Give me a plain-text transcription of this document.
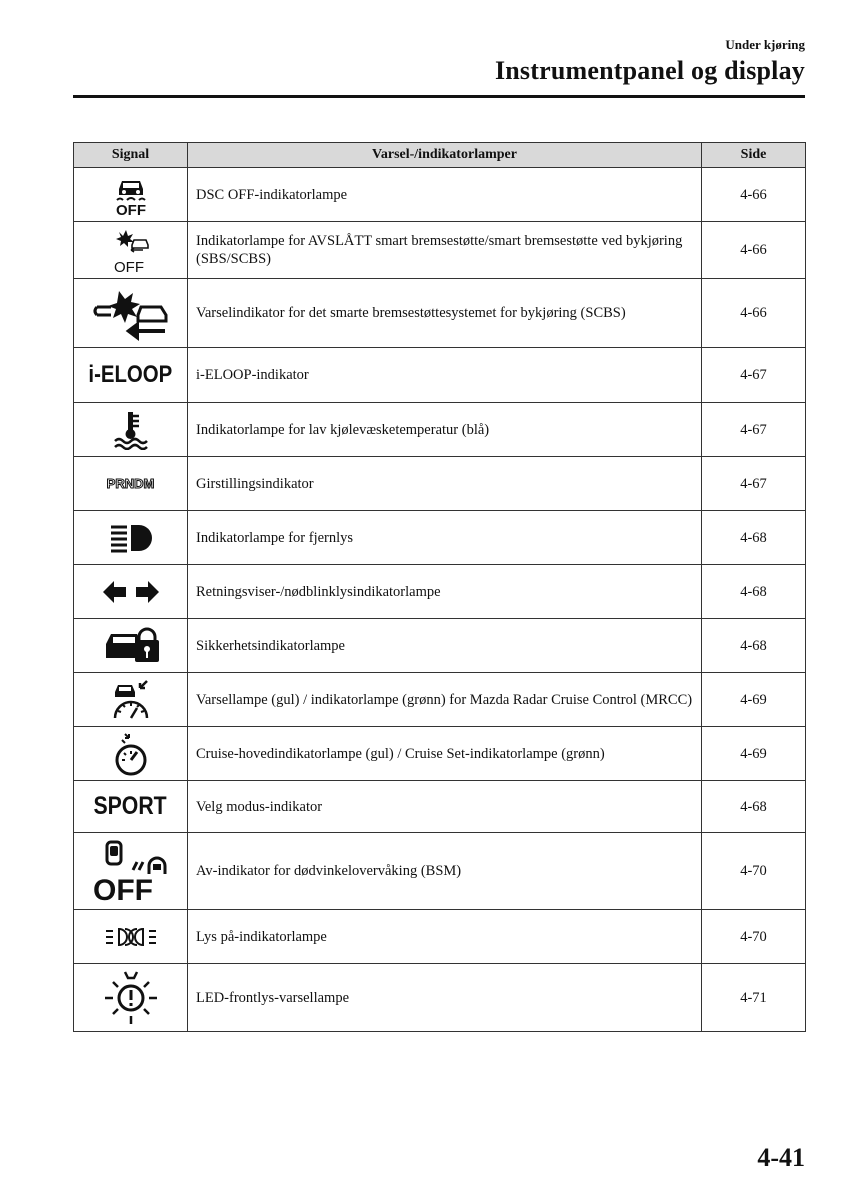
Under kjøring
Instrumentpanel og display
Signal	Varsel-/indikatorlamper	Side

OFF	DSC OFF-indikatorlampe	4-66

OFF	Indikatorlampe for AVSLÅTT smart bremsestøtte/smart bremsestøtte ved bykjøring (SBS/SCBS)	4-66

	Varselindikator for det smarte bremsestøttesystemet for bykjøring (SCBS)	4-66

i-ELOOP	i-ELOOP-indikator	4-67

	Indikatorlampe for lav kjølevæsketemperatur (blå)	4-67

PRNDM	Girstillingsindikator	4-67

	Indikatorlampe for fjernlys	4-68

	Retningsviser-/nødblinklysindikatorlampe	4-68

	Sikkerhetsindikatorlampe	4-68

	Varsellampe (gul) / indikatorlampe (grønn) for Mazda Radar Cruise Control (MRCC)	4-69

	Cruise-hovedindikatorlampe (gul) / Cruise Set-indikatorlampe (grønn)	4-69

SPORT	Velg modus-indikator	4-68

OFF	Av-indikator for dødvinkelovervåking (BSM)	4-70

	Lys på-indikatorlampe	4-70

	LED-frontlys-varsellampe	4-71
4-41
